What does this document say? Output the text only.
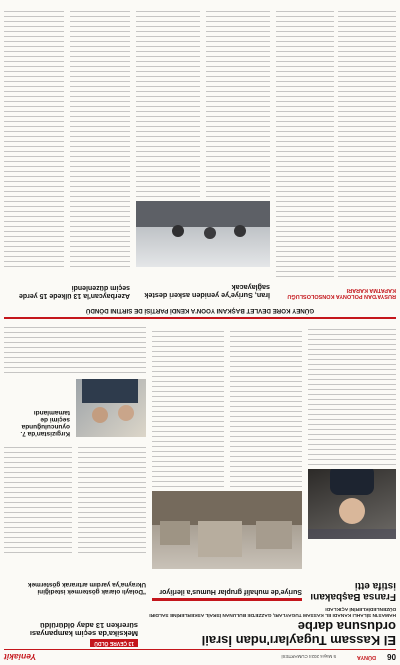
06
DÜNYA
5 Mayıs 2024 CUMARTESİ
Yeniakit
El Kassam Tugayları'ndan İsrail ordusuna darbe
HAMAS'IN SİLAHLI KANADI EL KASSAM TUGAYLARI, GAZZE'DE BULUNAN İSRAİL ASKERLERİNE SALDIRI DÜZENLEDİKLERİNİ AÇIKLADI
13 ÇEVRE ÖLDÜ
Meksika'da seçim kampanyası sürerken 13 aday öldürüldü
Fransa Başbakanı istifa etti
Suriye'de muhalif gruplar Humus'a ilerliyor
"Dolaylı olarak göstermek istediğini Ukrayna'ya yardım artırarak göstermek
Kırgızistan'da 7. oyunculuğunda seçimi de tamamlandı
GÜNEY KORE DEVLET BAŞKANI YOON'A KENDİ PARTİSİ DE SIRTINI DÖNDÜ
RUSYA'DAN POLONYA KONSOLOSLUĞU KAPATMA KARARI
İran, Suriye'ye yeniden askeri destek sağlayacak
Azerbaycan'la 13 ülkede 15 yerde seçim düzenlendi
